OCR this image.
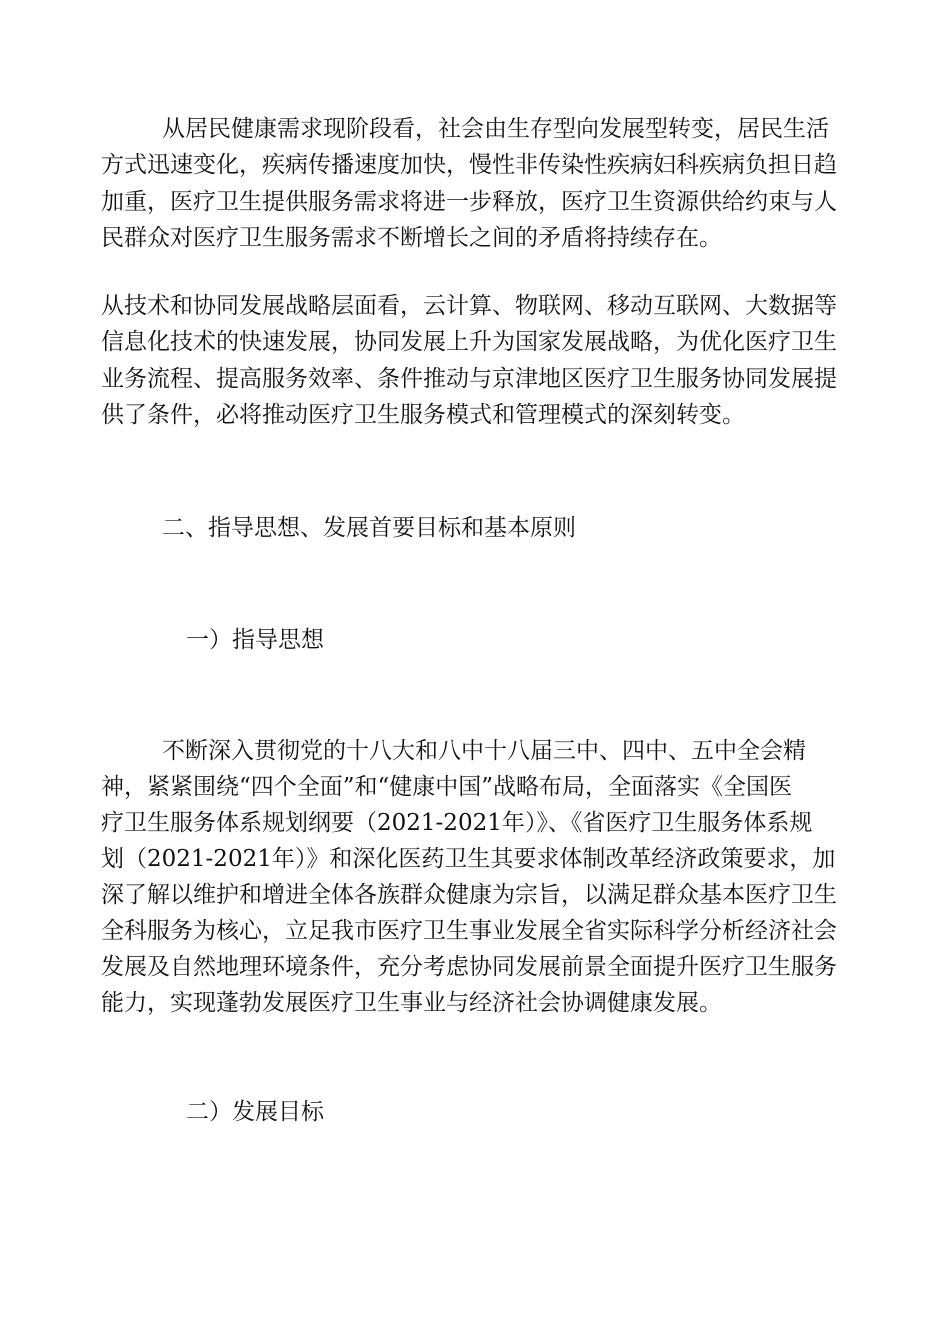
从居民健康需求现阶段看，社会由生存型向发展型转变，居民生活
方式迅速变化，疾病传播速度加快，慢性非传染性疾病妇科疾病负担日趋
加重，医疗卫生提供服务需求将进一步释放，医疗卫生资源供给约束与人
民群众对医疗卫生服务需求不断增长之间的矛盾将持续存在。
从技术和协同发展战略层面看，云计算、物联网、移动互联网、大数据等
信息化技术的快速发展，协同发展上升为国家发展战略，为优化医疗卫生
业务流程、提高服务效率、条件推动与京津地区医疗卫生服务协同发展提
供了条件，必将推动医疗卫生服务模式和管理模式的深刻转变。
二、指导思想、发展首要目标和基本原则
一）指导思想
不断深入贯彻党的十八大和八中十八届三中、四中、五中全会精
神，紧紧围绕“四个全面”和“健康中国”战略布局，全面落实《全国医
疗卫生服务体系规划纲要（2021-2021年）》、《省医疗卫生服务体系规
划（2021-2021年）》和深化医药卫生其要求体制改革经济政策要求，加
深了解以维护和增进全体各族群众健康为宗旨，以满足群众基本医疗卫生
全科服务为核心，立足我市医疗卫生事业发展全省实际科学分析经济社会
发展及自然地理环境条件，充分考虑协同发展前景全面提升医疗卫生服务
能力，实现蓬勃发展医疗卫生事业与经济社会协调健康发展。
二）发展目标
